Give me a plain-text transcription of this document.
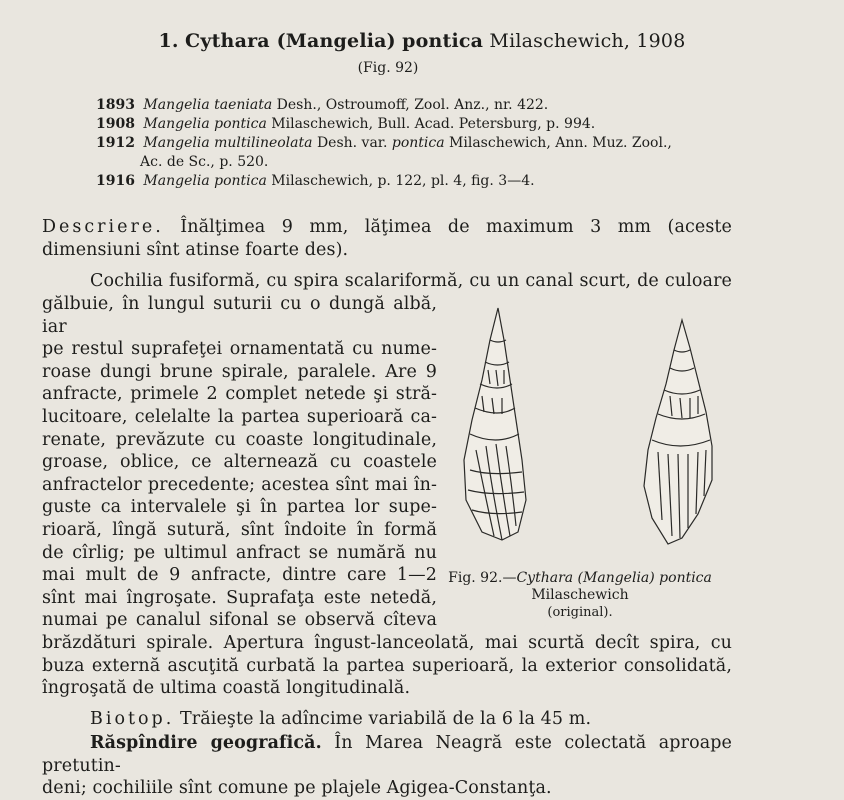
1. Cythara (Mangelia) pontica Milaschewich, 1908
(Fig. 92)
1893 Mangelia taeniata Desh., Ostroumoff, Zool. Anz., nr. 422.
1908 Mangelia pontica Milaschewich, Bull. Acad. Petersburg, p. 994.
1912 Mangelia multilineolata Desh. var. pontica Milaschewich, Ann. Muz. Zool.,
Ac. de Sc., p. 520.
1916 Mangelia pontica Milaschewich, p. 122, pl. 4, fig. 3—4.
Descriere. Înălţimea 9 mm, lăţimea de maximum 3 mm (aceste
dimensiuni sînt atinse foarte des).
Cochilia fusiformă, cu spira scalariformă, cu un canal scurt, de culoare
gălbuie, în lungul suturii cu o dungă albă, iar
pe restul suprafeţei ornamentată cu nume-
roase dungi brune spirale, paralele. Are 9
anfracte, primele 2 complet netede şi stră-
lucitoare, celelalte la partea superioară ca-
renate, prevăzute cu coaste longitudinale,
groase, oblice, ce alternează cu coastele
anfractelor precedente; acestea sînt mai în-
guste ca intervalele şi în partea lor supe-
rioară, lîngă sutură, sînt îndoite în formă
de cîrlig; pe ultimul anfract se numără nu
mai mult de 9 anfracte, dintre care 1—2
sînt mai îngroşate. Suprafaţa este netedă,
numai pe canalul sifonal se observă cîteva
brăzdături spirale. Apertura îngust-lanceolată, mai scurtă decît spira, cu
buza externă ascuţită curbată la partea superioară, la exterior consolidată,
îngroşată de ultima coastă longitudinală.
Fig. 92.—Cythara (Mangelia) pontica
Milaschewich
(original).
Biotop. Trăieşte la adîncime variabilă de la 6 la 45 m.
Răspîndire geografică. În Marea Neagră este colectată aproape pretutin-
deni; cochiliile sînt comune pe plajele Agigea-Constanţa.
